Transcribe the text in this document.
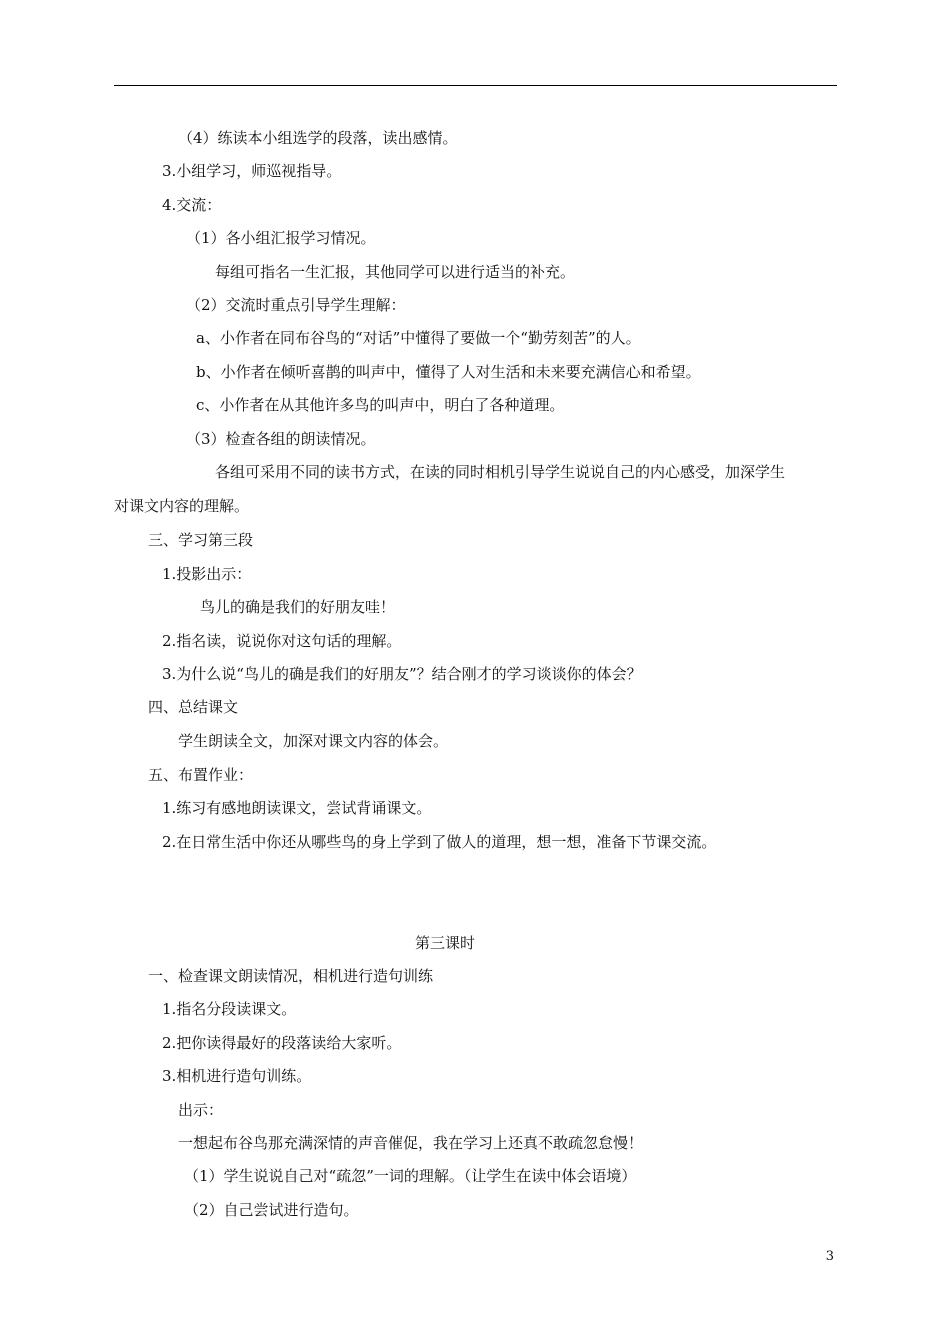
（4）练读本小组选学的段落，读出感情。
3.小组学习，师巡视指导。
4.交流：
（1）各小组汇报学习情况。
每组可指名一生汇报，其他同学可以进行适当的补充。
（2）交流时重点引导学生理解：
a、小作者在同布谷鸟的“对话”中懂得了要做一个“勤劳刻苦”的人。
b、小作者在倾听喜鹊的叫声中，懂得了人对生活和未来要充满信心和希望。
c、小作者在从其他许多鸟的叫声中，明白了各种道理。
（3）检查各组的朗读情况。
各组可采用不同的读书方式，在读的同时相机引导学生说说自己的内心感受，加深学生
对课文内容的理解。
三、学习第三段
1.投影出示：
鸟儿的确是我们的好朋友哇！
2.指名读，说说你对这句话的理解。
3.为什么说“鸟儿的确是我们的好朋友”？结合刚才的学习谈谈你的体会？
四、总结课文
学生朗读全文，加深对课文内容的体会。
五、布置作业：
1.练习有感地朗读课文，尝试背诵课文。
2.在日常生活中你还从哪些鸟的身上学到了做人的道理，想一想，准备下节课交流。
第三课时
一、检查课文朗读情况，相机进行造句训练
1.指名分段读课文。
2.把你读得最好的段落读给大家听。
3.相机进行造句训练。
出示：
一想起布谷鸟那充满深情的声音催促，我在学习上还真不敢疏忽怠慢！
（1）学生说说自己对“疏忽”一词的理解。（让学生在读中体会语境）
（2）自己尝试进行造句。
3
